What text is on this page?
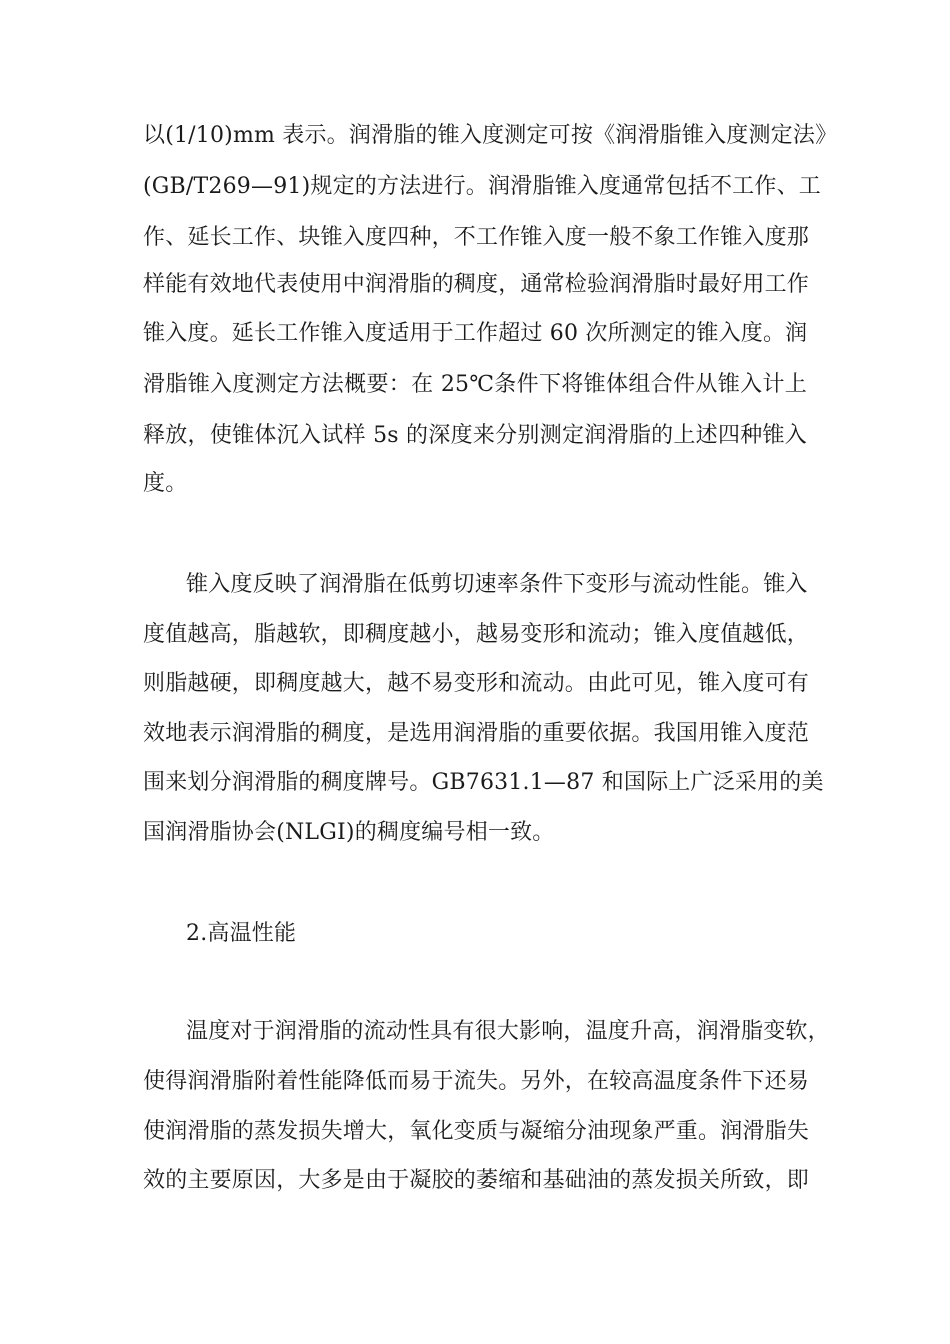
以(1/10)mm 表示。润滑脂的锥入度测定可按《润滑脂锥入度测定法》
(GB/T269—91)规定的方法进行。润滑脂锥入度通常包括不工作、工
作、延长工作、块锥入度四种，不工作锥入度一般不象工作锥入度那
样能有效地代表使用中润滑脂的稠度，通常检验润滑脂时最好用工作
锥入度。延长工作锥入度适用于工作超过 60 次所测定的锥入度。润
滑脂锥入度测定方法概要：在 25℃条件下将锥体组合件从锥入计上
释放，使锥体沉入试样 5s 的深度来分别测定润滑脂的上述四种锥入
度。
锥入度反映了润滑脂在低剪切速率条件下变形与流动性能。锥入
度值越高，脂越软，即稠度越小，越易变形和流动；锥入度值越低，
则脂越硬，即稠度越大，越不易变形和流动。由此可见，锥入度可有
效地表示润滑脂的稠度，是选用润滑脂的重要依据。我国用锥入度范
围来划分润滑脂的稠度牌号。GB7631.1—87 和国际上广泛采用的美
国润滑脂协会(NLGI)的稠度编号相一致。
2.高温性能
温度对于润滑脂的流动性具有很大影响，温度升高，润滑脂变软，
使得润滑脂附着性能降低而易于流失。另外，在较高温度条件下还易
使润滑脂的蒸发损失增大，氧化变质与凝缩分油现象严重。润滑脂失
效的主要原因，大多是由于凝胶的萎缩和基础油的蒸发损关所致，即
